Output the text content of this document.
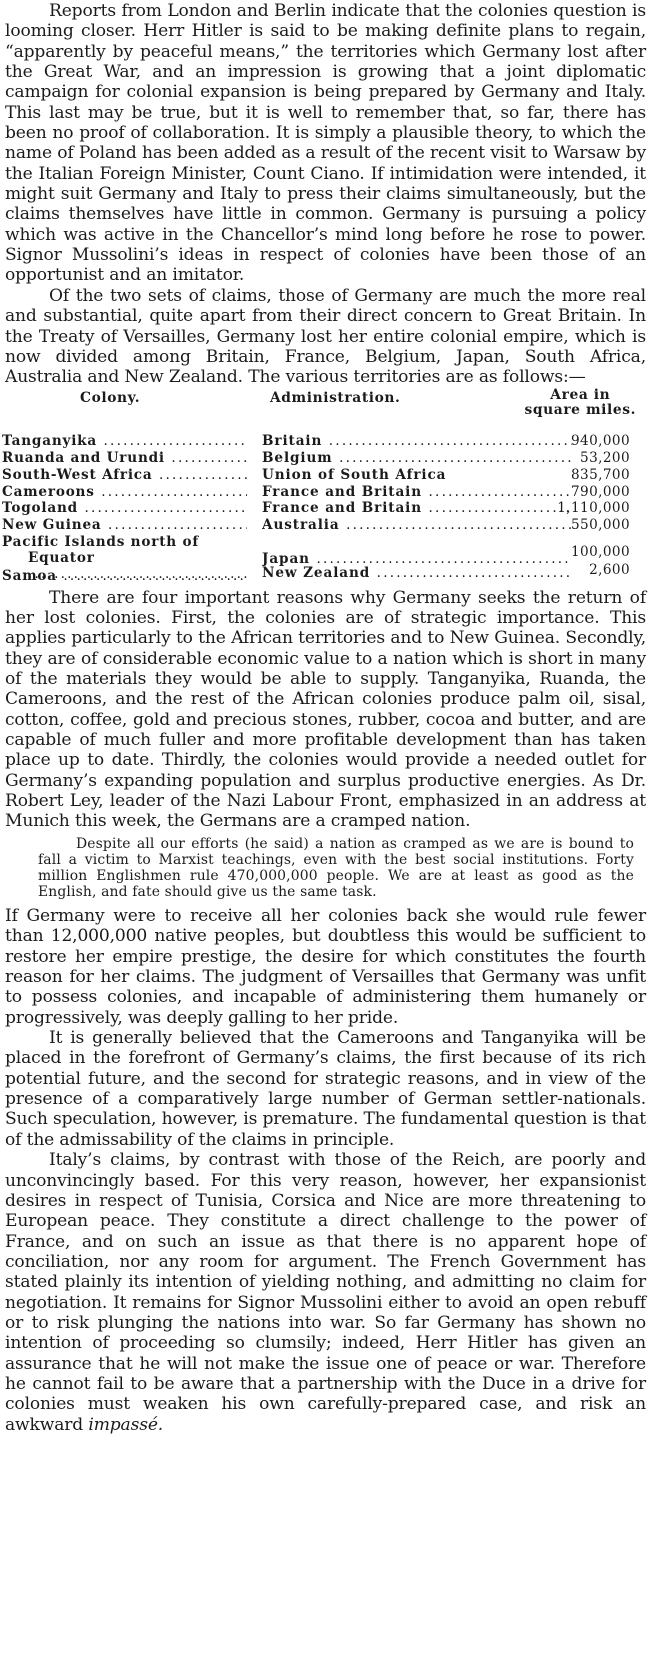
Reports from London and Berlin indicate that the colonies question is looming closer. Herr Hitler is said to be making definite plans to regain, “apparently by peaceful means,” the territories which Germany lost after the Great War, and an impression is growing that a joint diplomatic campaign for colonial expansion is being prepared by Germany and Italy. This last may be true, but it is well to remember that, so far, there has been no proof of collaboration. It is simply a plausible theory, to which the name of Poland has been added as a result of the recent visit to Warsaw by the Italian Foreign Minister, Count Ciano. If intimidation were intended, it might suit Germany and Italy to press their claims simultaneously, but the claims themselves have little in common. Germany is pursuing a policy which was active in the Chancellor’s mind long before he rose to power. Signor Mussolini’s ideas in respect of colonies have been those of an opportunist and an imitator.

Of the two sets of claims, those of Germany are much the more real and substantial, quite apart from their direct concern to Great Britain. In the Treaty of Versailles, Germany lost her entire colonial empire, which is now divided among Britain, France, Belgium, Japan, South Africa, Australia and New Zealand. The various territories are as follows:—

Colony.	Administration.	Area in
square miles.
Tanganyika .....	Britain .....	940,000
Ruanda and Urundi .....	Belgium .....	53,200
South-West Africa .....	Union of South Africa	835,700
Cameroons .....	France and Britain .....	790,000
Togoland .....	France and Britain .....	1,110,000
New Guinea .....	Australia .....	550,000
Pacific Islands north of
Equator .....	Japan .....	100,000
Samoa .....	New Zealand .....	2,600

There are four important reasons why Germany seeks the return of her lost colonies. First, the colonies are of strategic importance. This applies particularly to the African territories and to New Guinea. Secondly, they are of considerable economic value to a nation which is short in many of the materials they would be able to supply. Tanganyika, Ruanda, the Cameroons, and the rest of the African colonies produce palm oil, sisal, cotton, coffee, gold and precious stones, rubber, cocoa and butter, and are capable of much fuller and more profitable development than has taken place up to date. Thirdly, the colonies would provide a needed outlet for Germany’s expanding population and surplus productive energies. As Dr. Robert Ley, leader of the Nazi Labour Front, emphasized in an address at Munich this week, the Germans are a cramped nation.

Despite all our efforts (he said) a nation as cramped as we are is bound to fall a victim to Marxist teachings, even with the best social institutions. Forty million Englishmen rule 470,000,000 people. We are at least as good as the English, and fate should give us the same task.

If Germany were to receive all her colonies back she would rule fewer than 12,000,000 native peoples, but doubtless this would be sufficient to restore her empire prestige, the desire for which constitutes the fourth reason for her claims. The judgment of Versailles that Germany was unfit to possess colonies, and incapable of administering them humanely or progressively, was deeply galling to her pride.

It is generally believed that the Cameroons and Tanganyika will be placed in the forefront of Germany’s claims, the first because of its rich potential future, and the second for strategic reasons, and in view of the presence of a comparatively large number of German settler-nationals. Such speculation, however, is premature. The fundamental question is that of the admissability of the claims in principle.

Italy’s claims, by contrast with those of the Reich, are poorly and unconvincingly based. For this very reason, however, her expansionist desires in respect of Tunisia, Corsica and Nice are more threatening to European peace. They constitute a direct challenge to the power of France, and on such an issue as that there is no apparent hope of conciliation, nor any room for argument. The French Government has stated plainly its intention of yielding nothing, and admitting no claim for negotiation. It remains for Signor Mussolini either to avoid an open rebuff or to risk plunging the nations into war. So far Germany has shown no intention of proceeding so clumsily; indeed, Herr Hitler has given an assurance that he will not make the issue one of peace or war. Therefore he cannot fail to be aware that a partnership with the Duce in a drive for colonies must weaken his own carefully-prepared case, and risk an awkward impassé.
